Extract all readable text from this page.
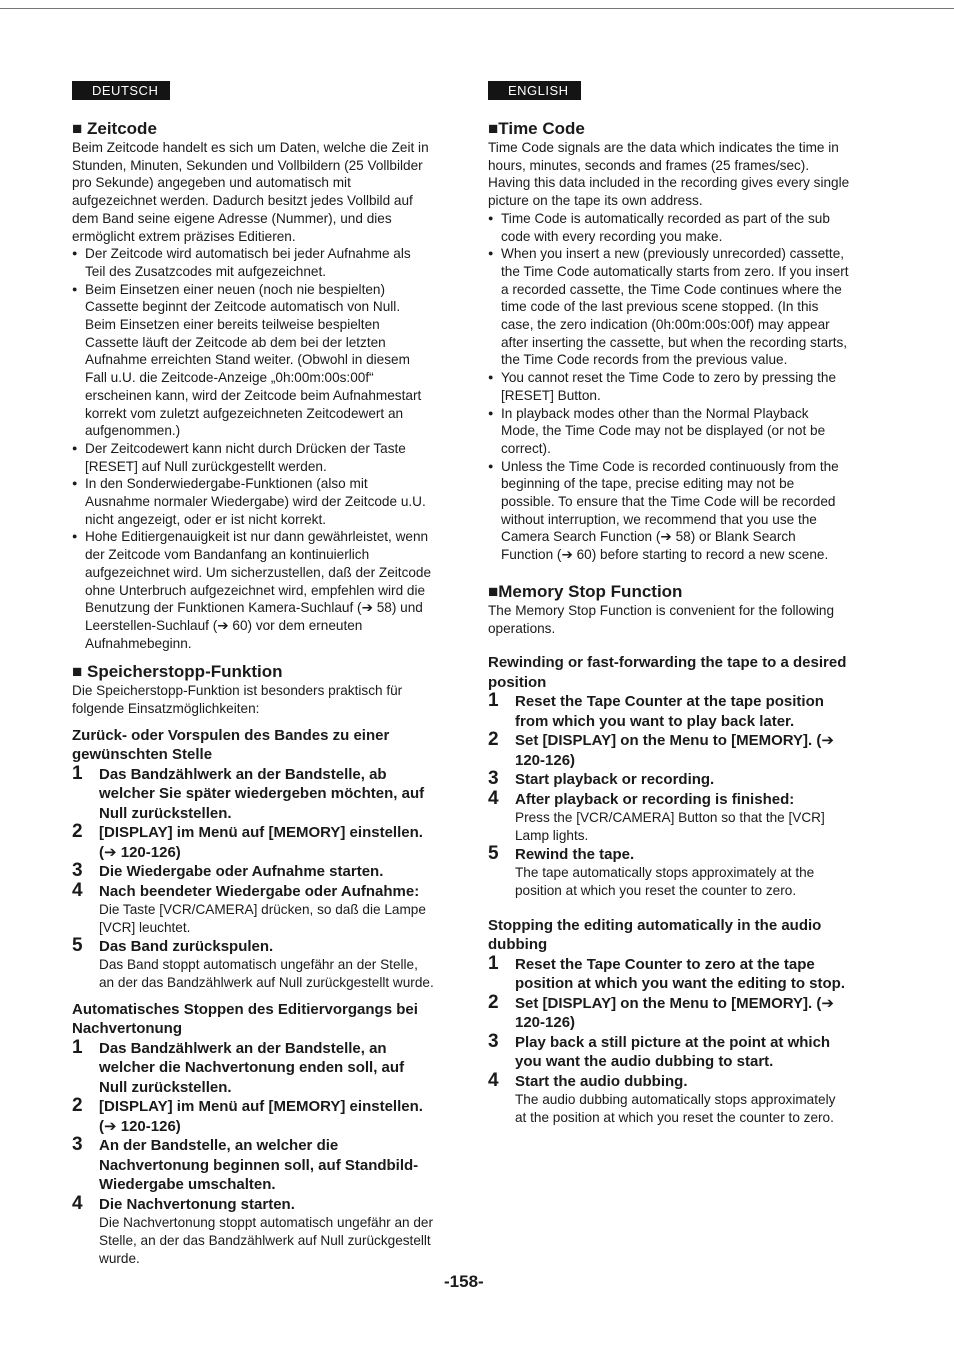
DEUTSCH
■ Zeitcode

Beim Zeitcode handelt es sich um Daten, welche die Zeit in Stunden, Minuten, Sekunden und Vollbildern (25 Vollbilder pro Sekunde) angegeben und automatisch mit aufgezeichnet werden. Dadurch besitzt jedes Vollbild auf dem Band seine eigene Adresse (Nummer), und dies ermöglicht extrem präzises Editieren.

● Der Zeitcode wird automatisch bei jeder Aufnahme als Teil des Zusatzcodes mit aufgezeichnet.
● Beim Einsetzen einer neuen (noch nie bespielten) Cassette beginnt der Zeitcode automatisch von Null. Beim Einsetzen einer bereits teilweise bespielten Cassette läuft der Zeitcode ab dem bei der letzten Aufnahme erreichten Stand weiter. (Obwohl in diesem Fall u.U. die Zeitcode-Anzeige „0h:00m:00s:00f“ erscheinen kann, wird der Zeitcode beim Aufnahmestart korrekt vom zuletzt aufgezeichneten Zeitcodewert an aufgenommen.)
● Der Zeitcodewert kann nicht durch Drücken der Taste [RESET] auf Null zurückgestellt werden.
● In den Sonderwiedergabe-Funktionen (also mit Ausnahme normaler Wiedergabe) wird der Zeitcode u.U. nicht angezeigt, oder er ist nicht korrekt.
● Hohe Editiergenauigkeit ist nur dann gewährleistet, wenn der Zeitcode vom Bandanfang an kontinuierlich aufgezeichnet wird. Um sicherzustellen, daß der Zeitcode ohne Unterbruch aufgezeichnet wird, empfehlen wird die Benutzung der Funktionen Kamera-Suchlauf (➔ 58) und Leerstellen-Suchlauf (➔ 60) vor dem erneuten Aufnahmebeginn.
■ Speicherstopp-Funktion

Die Speicherstopp-Funktion ist besonders praktisch für folgende Einsatzmöglichkeiten:

Zurück- oder Vorspulen des Bandes zu einer gewünschten Stelle
1 Das Bandzählwerk an der Bandstelle, ab welcher Sie später wiedergeben möchten, auf Null zurückstellen.
2 [DISPLAY] im Menü auf [MEMORY] einstellen. (➔ 120-126)
3 Die Wiedergabe oder Aufnahme starten.
4 Nach beendeter Wiedergabe oder Aufnahme:
Die Taste [VCR/CAMERA] drücken, so daß die Lampe [VCR] leuchtet.
5 Das Band zurückspulen.
Das Band stoppt automatisch ungefähr an der Stelle, an der das Bandzählwerk auf Null zurückgestellt wurde.
Automatisches Stoppen des Editiervorgangs bei Nachvertonung
1 Das Bandzählwerk an der Bandstelle, an welcher die Nachvertonung enden soll, auf Null zurückstellen.
2 [DISPLAY] im Menü auf [MEMORY] einstellen. (➔ 120-126)
3 An der Bandstelle, an welcher die Nachvertonung beginnen soll, auf Standbild-Wiedergabe umschalten.
4 Die Nachvertonung starten.
Die Nachvertonung stoppt automatisch ungefähr an der Stelle, an der das Bandzählwerk auf Null zurückgestellt wurde.
ENGLISH
■Time Code

Time Code signals are the data which indicates the time in hours, minutes, seconds and frames (25 frames/sec). Having this data included in the recording gives every single picture on the tape its own address.

● Time Code is automatically recorded as part of the sub code with every recording you make.
● When you insert a new (previously unrecorded) cassette, the Time Code automatically starts from zero. If you insert a recorded cassette, the Time Code continues where the time code of the last previous scene stopped. (In this case, the zero indication (0h:00m:00s:00f) may appear after inserting the cassette, but when the recording starts, the Time Code records from the previous value.
● You cannot reset the Time Code to zero by pressing the [RESET] Button.
● In playback modes other than the Normal Playback Mode, the Time Code may not be displayed (or not be correct).
● Unless the Time Code is recorded continuously from the beginning of the tape, precise editing may not be possible. To ensure that the Time Code will be recorded without interruption, we recommend that you use the Camera Search Function (➔ 58) or Blank Search Function (➔ 60) before starting to record a new scene.
■Memory Stop Function

The Memory Stop Function is convenient for the following operations.

Rewinding or fast-forwarding the tape to a desired position
1 Reset the Tape Counter at the tape position from which you want to play back later.
2 Set [DISPLAY] on the Menu to [MEMORY]. (➔ 120-126)
3 Start playback or recording.
4 After playback or recording is finished:
Press the [VCR/CAMERA] Button so that the [VCR] Lamp lights.
5 Rewind the tape.
The tape automatically stops approximately at the position at which you reset the counter to zero.
Stopping the editing automatically in the audio dubbing
1 Reset the Tape Counter to zero at the tape position at which you want the editing to stop.
2 Set [DISPLAY] on the Menu to [MEMORY]. (➔ 120-126)
3 Play back a still picture at the point at which you want the audio dubbing to start.
4 Start the audio dubbing.
The audio dubbing automatically stops approximately at the position at which you reset the counter to zero.
-158-
